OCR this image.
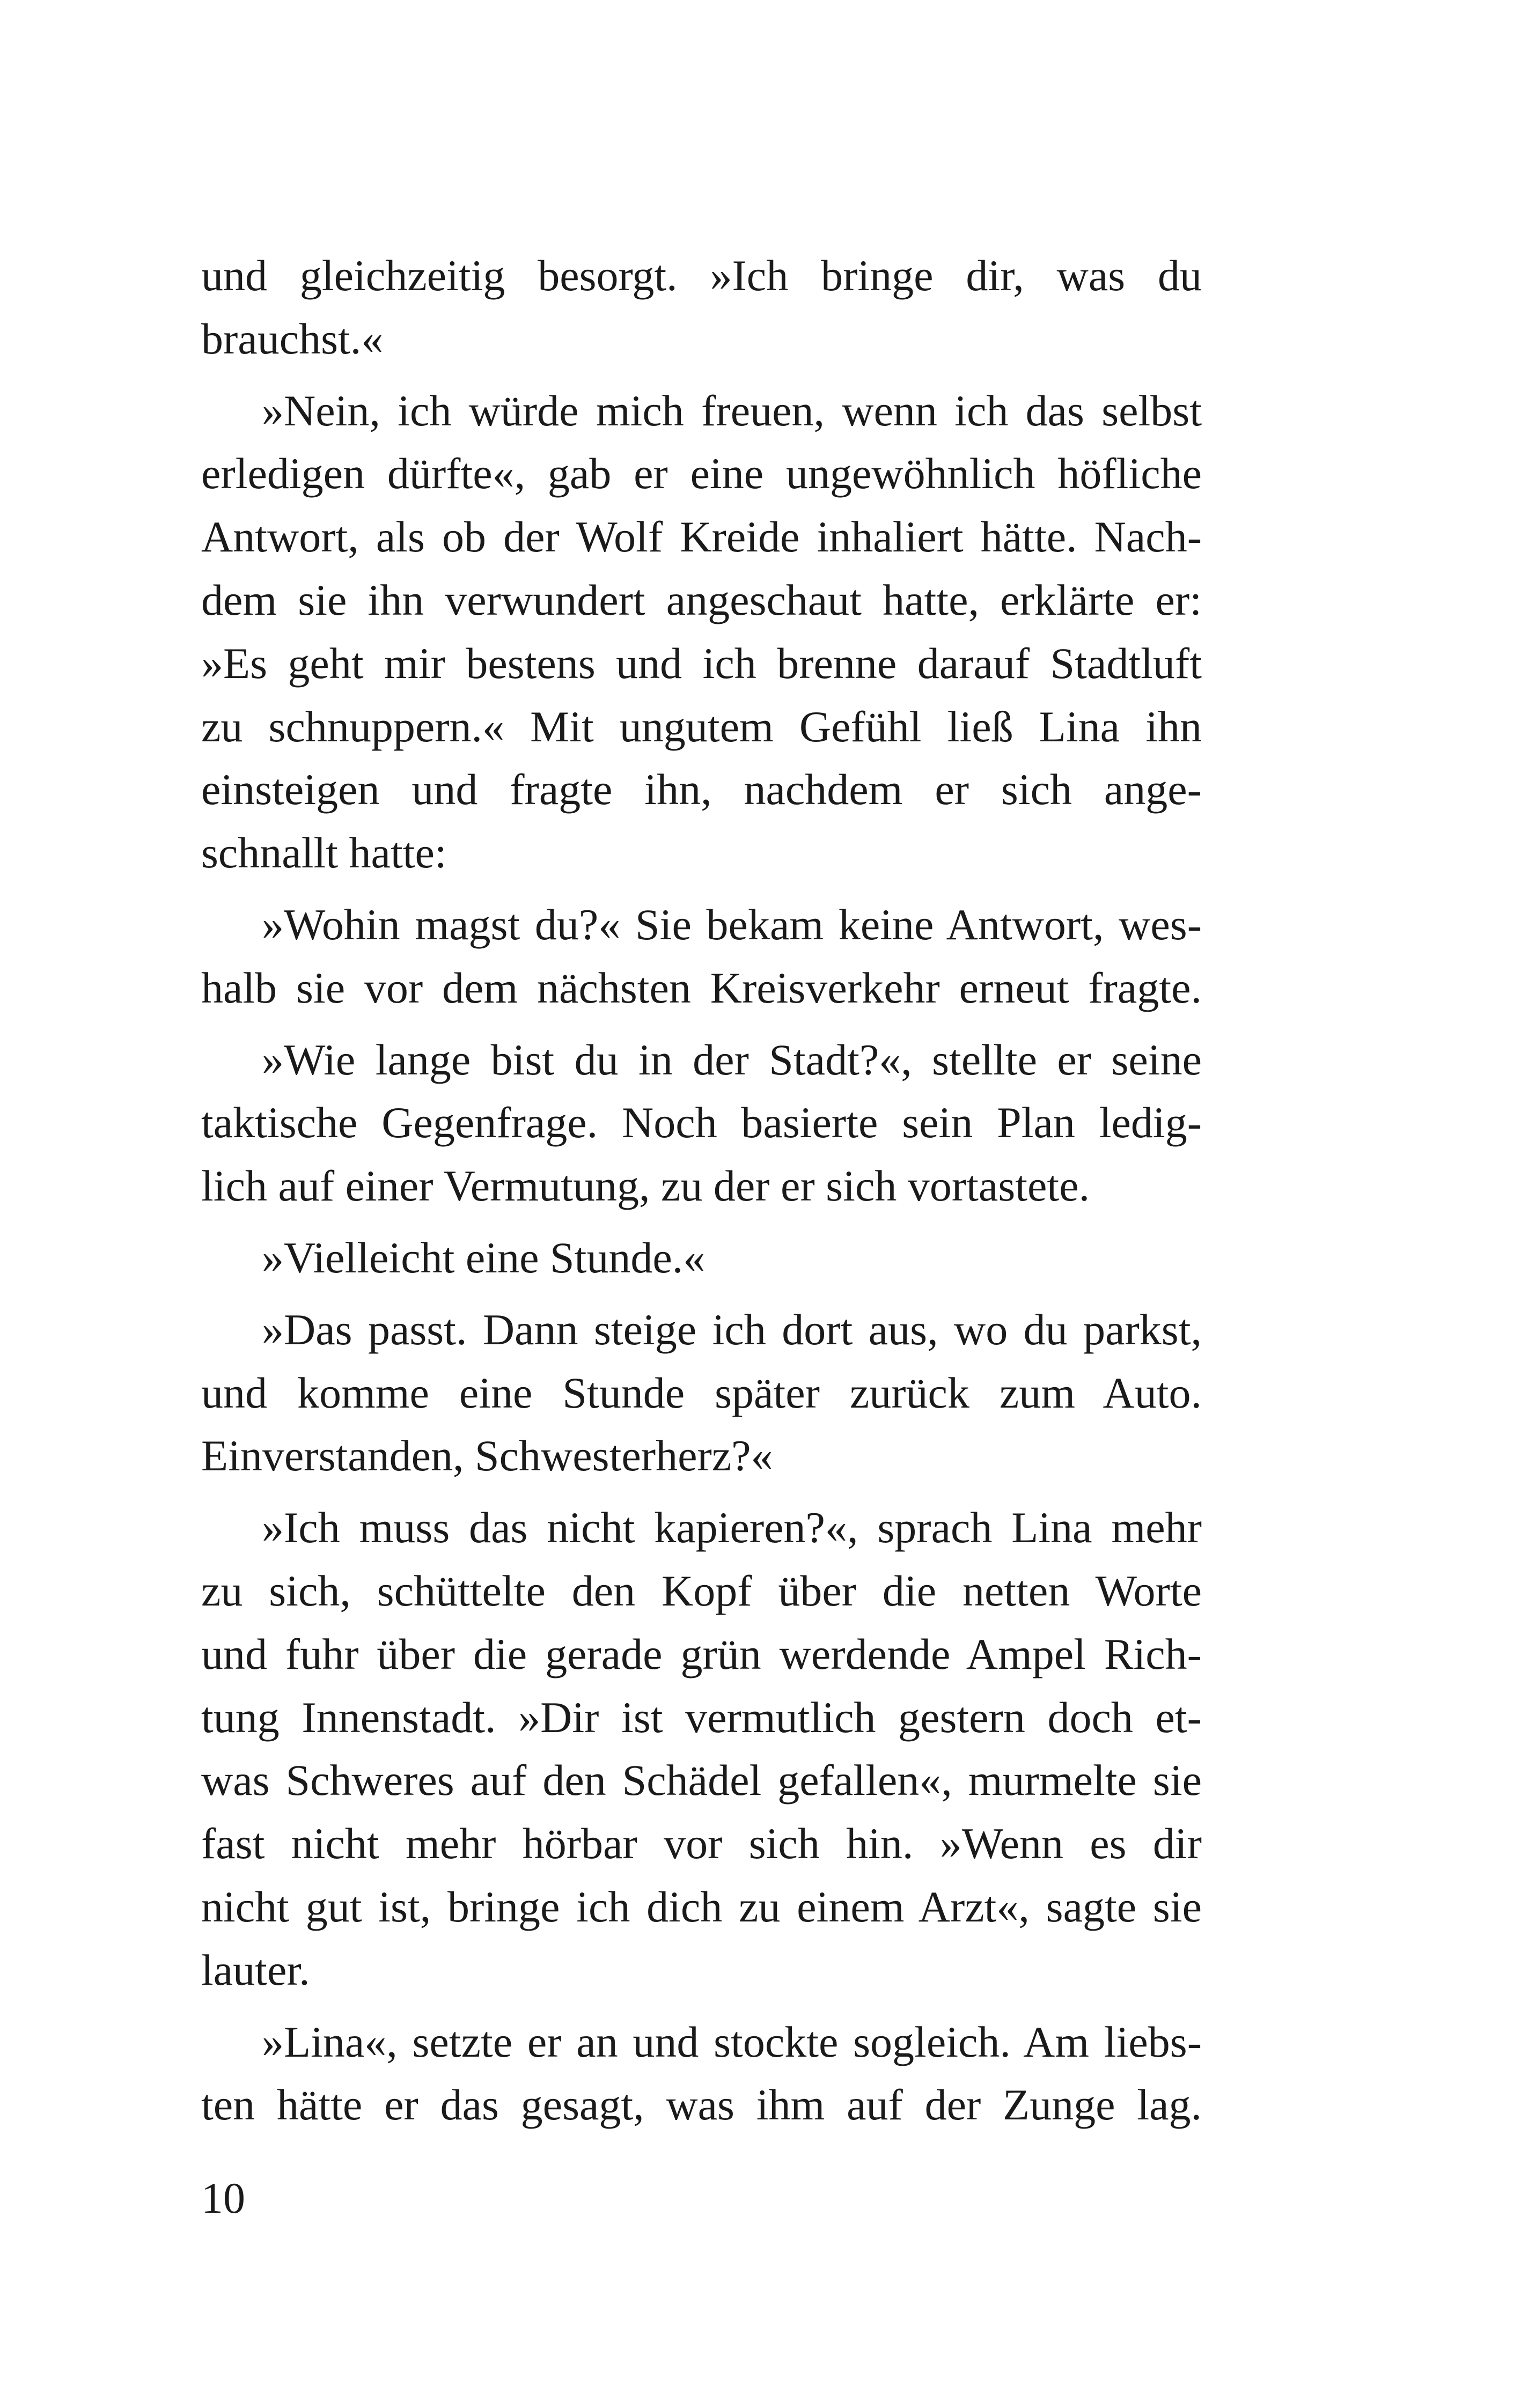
und gleichzeitig besorgt. »Ich bringe dir, was du
brauchst.«
»Nein, ich würde mich freuen, wenn ich das selbst
erledigen dürfte«, gab er eine ungewöhnlich höfliche
Antwort, als ob der Wolf Kreide inhaliert hätte. Nach-
dem sie ihn verwundert angeschaut hatte, erklärte er:
»Es geht mir bestens und ich brenne darauf Stadtluft
zu schnuppern.« Mit ungutem Gefühl ließ Lina ihn
einsteigen und fragte ihn, nachdem er sich ange-
schnallt hatte:
»Wohin magst du?« Sie bekam keine Antwort, wes-
halb sie vor dem nächsten Kreisverkehr erneut fragte.
»Wie lange bist du in der Stadt?«, stellte er seine
taktische Gegenfrage. Noch basierte sein Plan ledig-
lich auf einer Vermutung, zu der er sich vortastete.
»Vielleicht eine Stunde.«
»Das passt. Dann steige ich dort aus, wo du parkst,
und komme eine Stunde später zurück zum Auto.
Einverstanden, Schwesterherz?«
»Ich muss das nicht kapieren?«, sprach Lina mehr
zu sich, schüttelte den Kopf über die netten Worte
und fuhr über die gerade grün werdende Ampel Rich-
tung Innenstadt. »Dir ist vermutlich gestern doch et-
was Schweres auf den Schädel gefallen«, murmelte sie
fast nicht mehr hörbar vor sich hin. »Wenn es dir
nicht gut ist, bringe ich dich zu einem Arzt«, sagte sie
lauter.
»Lina«, setzte er an und stockte sogleich. Am liebs-
ten hätte er das gesagt, was ihm auf der Zunge lag.
10
